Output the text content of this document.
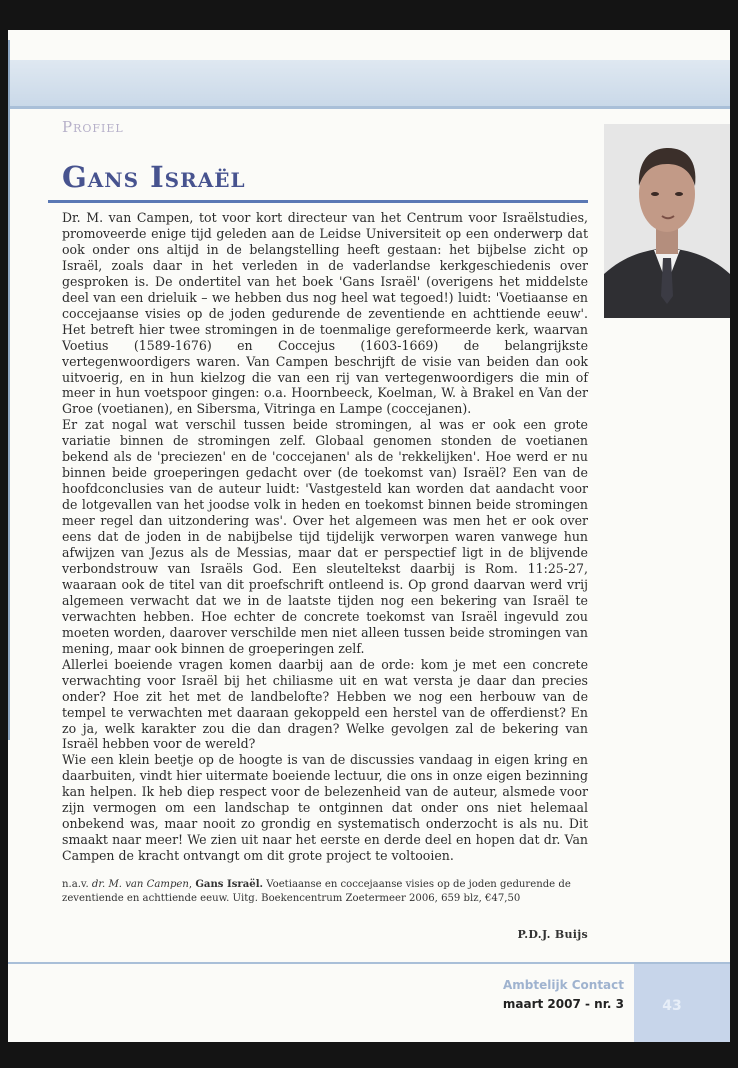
Profiel
Gans Israël

Dr. M. van Campen, tot voor kort directeur van het Centrum voor Israëlstudies, promoveerde enige tijd geleden aan de Leidse Universiteit op een onderwerp dat ook onder ons altijd in de belangstelling heeft gestaan: het bijbelse zicht op Israël, zoals daar in het verleden in de vaderlandse kerkgeschiedenis over gesproken is. De ondertitel van het boek 'Gans Israël' (overigens het middelste deel van een drieluik – we hebben dus nog heel wat tegoed!) luidt: 'Voetiaanse en coccejaanse visies op de joden gedurende de zeventiende en achttiende eeuw'. Het betreft hier twee stromingen in de toenmalige gereformeerde kerk, waarvan Voetius (1589-1676) en Coccejus (1603-1669) de belangrijkste vertegenwoordigers waren. Van Campen beschrijft de visie van beiden dan ook uitvoerig, en in hun kielzog die van een rij van vertegenwoordigers die min of meer in hun voetspoor gingen: o.a. Hoornbeeck, Koelman, W. à Brakel en Van der Groe (voetianen), en Sibersma, Vitringa en Lampe (coccejanen).

Er zat nogal wat verschil tussen beide stromingen, al was er ook een grote variatie binnen de stromingen zelf. Globaal genomen stonden de voetianen bekend als de 'preciezen' en de 'coccejanen' als de 'rekkelijken'. Hoe werd er nu binnen beide groeperingen gedacht over (de toekomst van) Israël? Een van de hoofdconclusies van de auteur luidt: 'Vastgesteld kan worden dat aandacht voor de lotgevallen van het joodse volk in heden en toekomst binnen beide stromingen meer regel dan uitzondering was'. Over het algemeen was men het er ook over eens dat de joden in de nabijbelse tijd tijdelijk verworpen waren vanwege hun afwijzen van Jezus als de Messias, maar dat er perspectief ligt in de blijvende verbondstrouw van Israëls God. Een sleuteltekst daarbij is Rom. 11:25-27, waaraan ook de titel van dit proefschrift ontleend is. Op grond daarvan werd vrij algemeen verwacht dat we in de laatste tijden nog een bekering van Israël te verwachten hebben. Hoe echter de concrete toekomst van Israël ingevuld zou moeten worden, daarover verschilde men niet alleen tussen beide stromingen van mening, maar ook binnen de groeperingen zelf.

Allerlei boeiende vragen komen daarbij aan de orde: kom je met een concrete verwachting voor Israël bij het chiliasme uit en wat versta je daar dan precies onder? Hoe zit het met de landbelofte? Hebben we nog een herbouw van de tempel te verwachten met daaraan gekoppeld een herstel van de offerdienst? En zo ja, welk karakter zou die dan dragen? Welke gevolgen zal de bekering van Israël hebben voor de wereld?

Wie een klein beetje op de hoogte is van de discussies vandaag in eigen kring en daarbuiten, vindt hier uitermate boeiende lectuur, die ons in onze eigen bezinning kan helpen. Ik heb diep respect voor de belezenheid van de auteur, alsmede voor zijn vermogen om een landschap te ontginnen dat onder ons niet helemaal onbekend was, maar nooit zo grondig en systematisch onderzocht is als nu. Dit smaakt naar meer! We zien uit naar het eerste en derde deel en hopen dat dr. Van Campen de kracht ontvangt om dit grote project te voltooien.

n.a.v. dr. M. van Campen, Gans Israël. Voetiaanse en coccejaanse visies op de joden gedurende de zeventiende en achttiende eeuw. Uitg. Boekencentrum Zoetermeer 2006, 659 blz, €47,50
P.D.J. Buijs
43
Ambtelijk Contact
maart 2007 - nr. 3
